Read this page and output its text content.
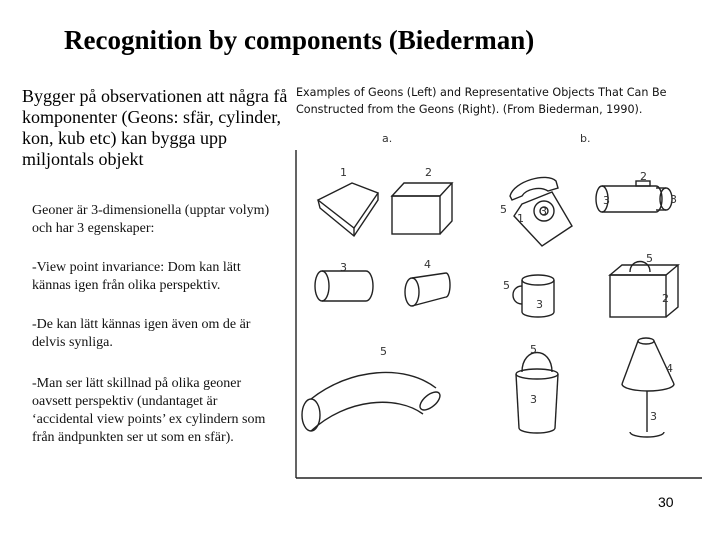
Recognition by components (Biederman)
Bygger på observationen att några få komponenter (Geons: sfär, cylinder, kon, kub etc) kan bygga upp miljontals objekt
Geoner är 3-dimensionella (upptar volym) och har 3 egenskaper:
-View point invariance: Dom kan lätt kännas igen från olika perspektiv.
-De kan lätt kännas igen även om de är delvis synliga.
-Man ser lätt skillnad på olika geoner oavsett perspektiv (undantaget är ‘accidental view points’ ex cylindern som från ändpunkten ser ut som en sfär).
Examples of Geons (Left) and Representative Objects That Can Be Constructed from the Geons (Right). (From Biederman, 1990).
a.	b.
1	2
3	4
5
5
1
3
2
3	3
5
2
5
3
5
3
4
3
30
